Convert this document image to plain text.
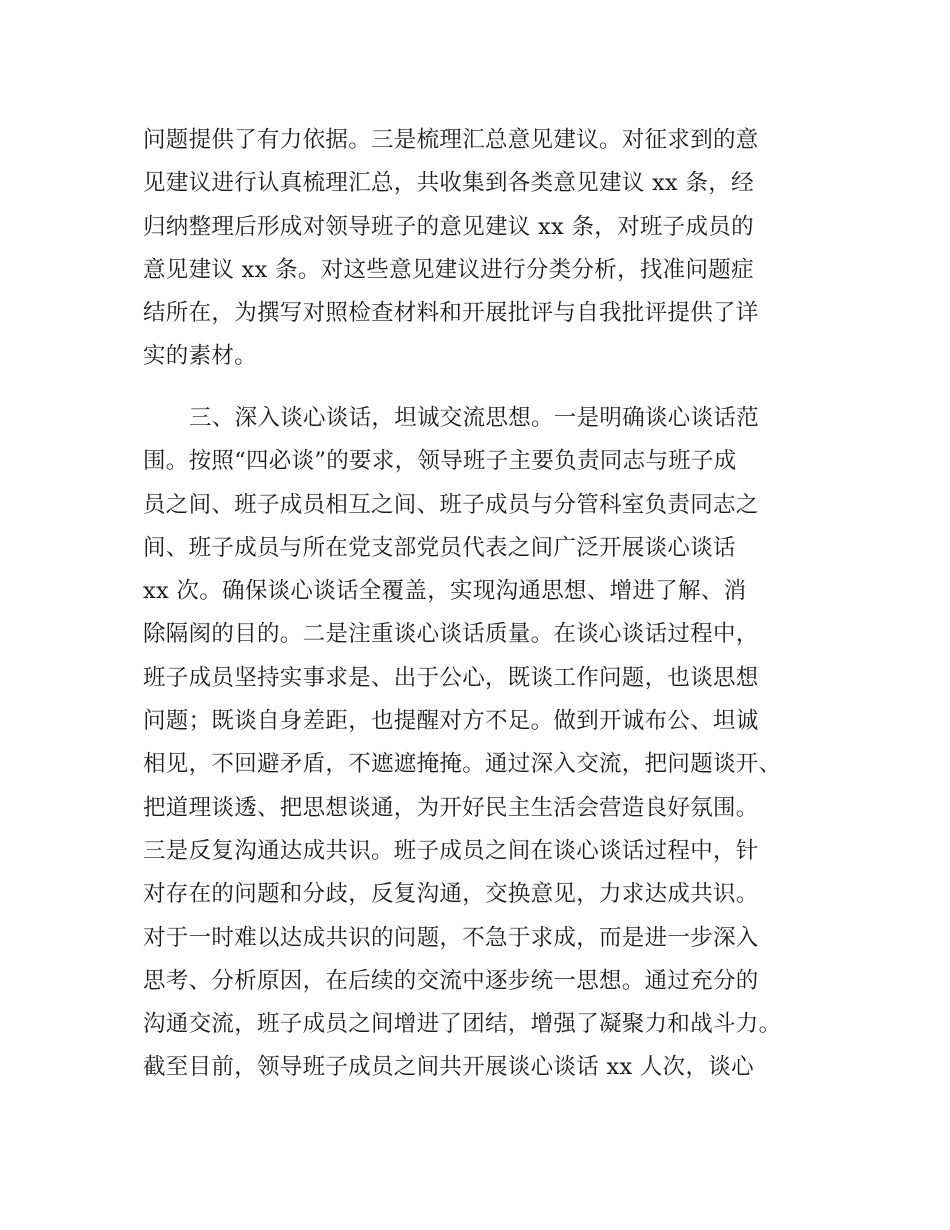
问题提供了有力依据。三是梳理汇总意见建议。对征求到的意
见建议进行认真梳理汇总，共收集到各类意见建议 xx 条，经
归纳整理后形成对领导班子的意见建议 xx 条，对班子成员的
意见建议 xx 条。对这些意见建议进行分类分析，找准问题症
结所在，为撰写对照检查材料和开展批评与自我批评提供了详
实的素材。
三、深入谈心谈话，坦诚交流思想。一是明确谈心谈话范
围。按照“四必谈”的要求，领导班子主要负责同志与班子成
员之间、班子成员相互之间、班子成员与分管科室负责同志之
间、班子成员与所在党支部党员代表之间广泛开展谈心谈话
xx 次。确保谈心谈话全覆盖，实现沟通思想、增进了解、消
除隔阂的目的。二是注重谈心谈话质量。在谈心谈话过程中，
班子成员坚持实事求是、出于公心，既谈工作问题，也谈思想
问题；既谈自身差距，也提醒对方不足。做到开诚布公、坦诚
相见，不回避矛盾，不遮遮掩掩。通过深入交流，把问题谈开、
把道理谈透、把思想谈通，为开好民主生活会营造良好氛围。
三是反复沟通达成共识。班子成员之间在谈心谈话过程中，针
对存在的问题和分歧，反复沟通，交换意见，力求达成共识。
对于一时难以达成共识的问题，不急于求成，而是进一步深入
思考、分析原因，在后续的交流中逐步统一思想。通过充分的
沟通交流，班子成员之间增进了团结，增强了凝聚力和战斗力。
截至目前，领导班子成员之间共开展谈心谈话 xx 人次，谈心
